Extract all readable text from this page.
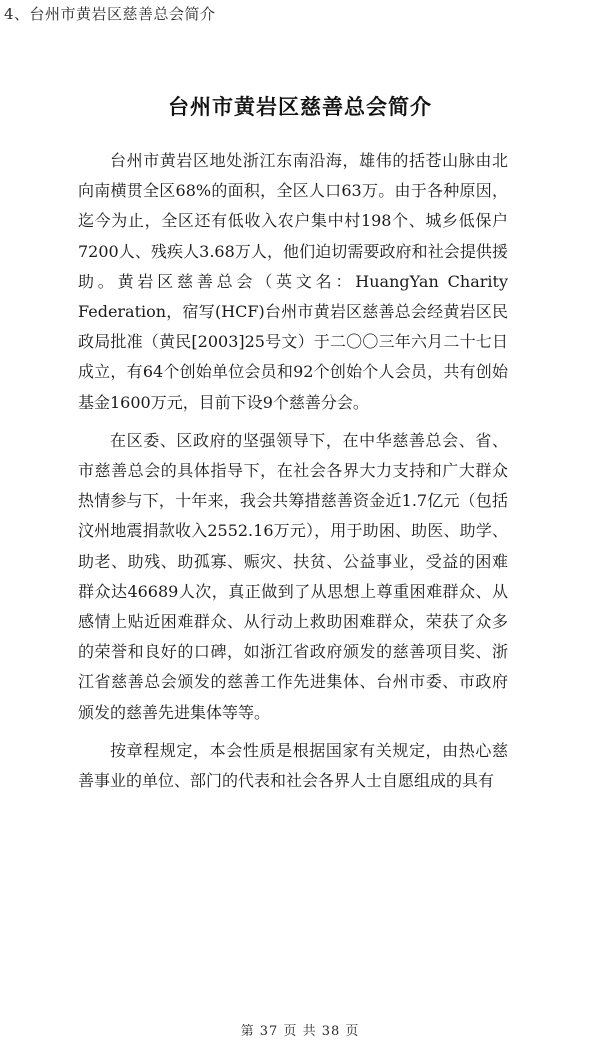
4、台州市黄岩区慈善总会简介
台州市黄岩区慈善总会简介

台州市黄岩区地处浙江东南沿海，雄伟的括苍山脉由北向南横贯全区68%的面积，全区人口63万。由于各种原因，迄今为止，全区还有低收入农户集中村198个、城乡低保户7200人、残疾人3.68万人，他们迫切需要政府和社会提供援助。黄岩区慈善总会（英文名：HuangYan Charity Federation，宿写(HCF)台州市黄岩区慈善总会经黄岩区民政局批准（黄民[2003]25号文）于二〇〇三年六月二十七日成立，有64个创始单位会员和92个创始个人会员，共有创始基金1600万元，目前下设9个慈善分会。

在区委、区政府的坚强领导下，在中华慈善总会、省、市慈善总会的具体指导下，在社会各界大力支持和广大群众热情参与下，十年来，我会共筹措慈善资金近1.7亿元（包括汶州地震捐款收入2552.16万元），用于助困、助医、助学、助老、助残、助孤寡、赈灾、扶贫、公益事业，受益的困难群众达46689人次，真正做到了从思想上尊重困难群众、从感情上贴近困难群众、从行动上救助困难群众，荣获了众多的荣誉和良好的口碑，如浙江省政府颁发的慈善项目奖、浙江省慈善总会颁发的慈善工作先进集体、台州市委、市政府颁发的慈善先进集体等等。

按章程规定，本会性质是根据国家有关规定，由热心慈善事业的单位、部门的代表和社会各界人士自愿组成的具有

第 37 页 共 38 页
